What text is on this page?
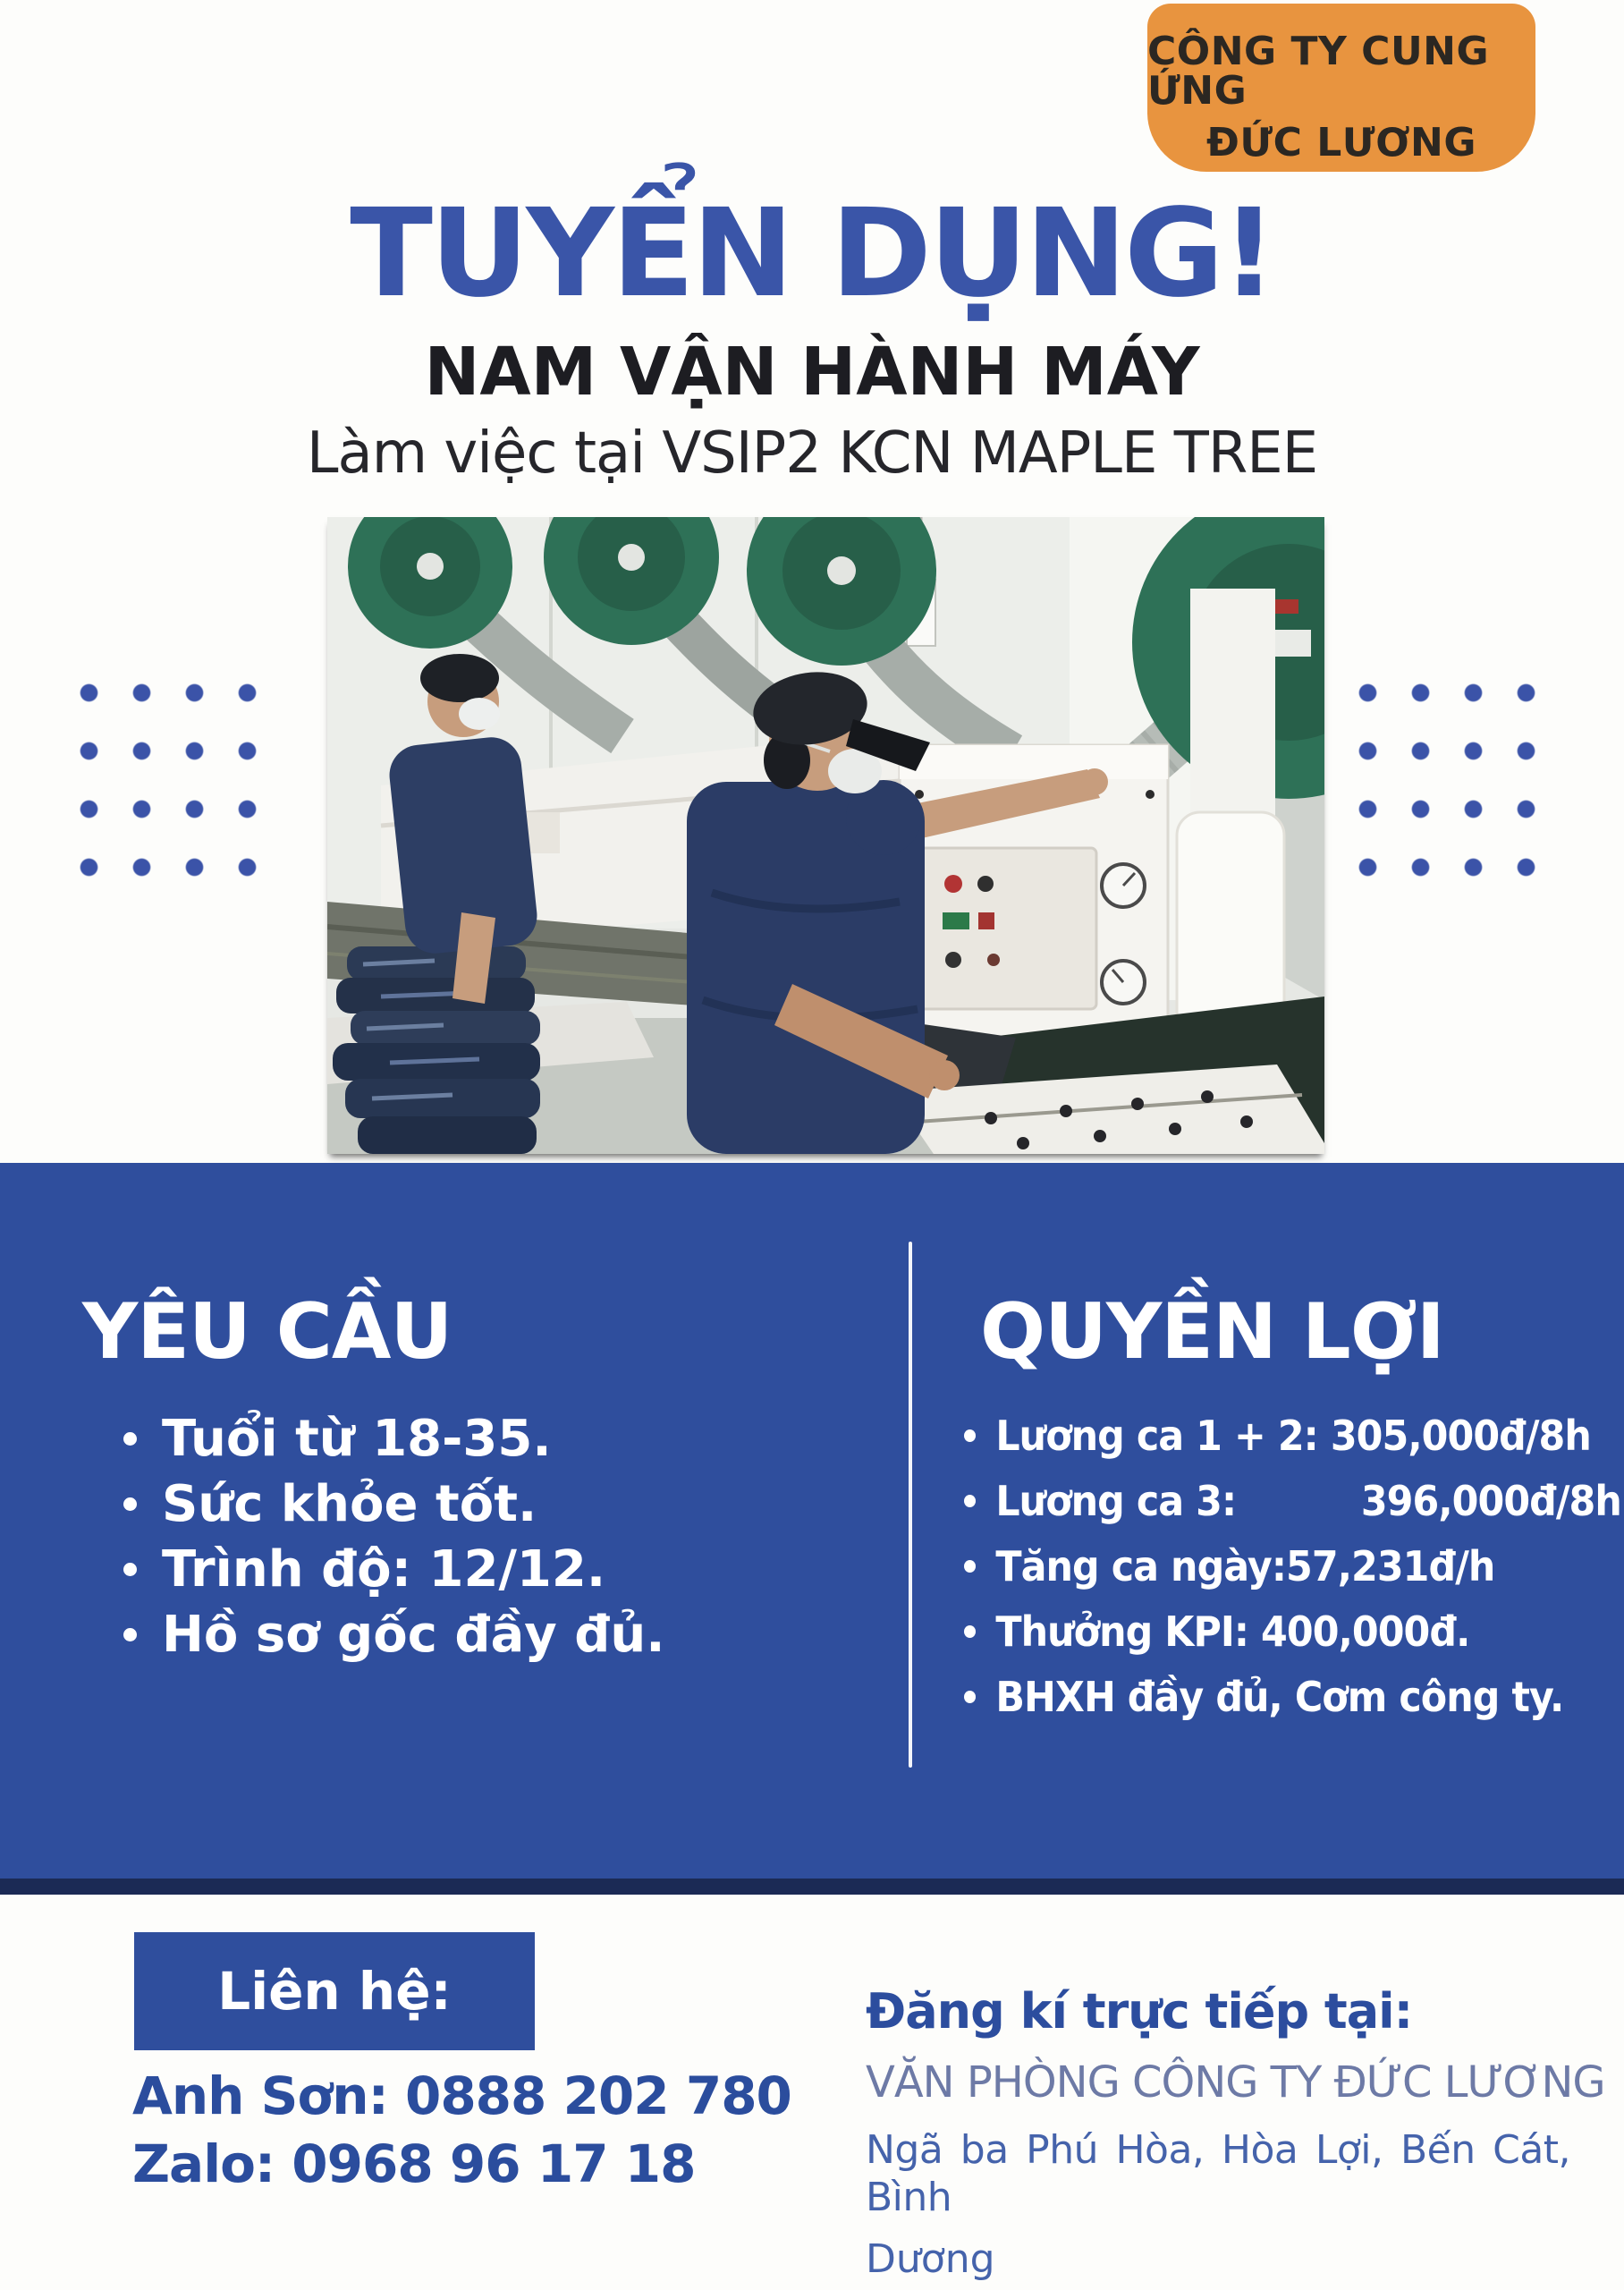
CÔNG TY CUNG ỨNG
ĐỨC LƯƠNG
TUYỂN DỤNG!
NAM VẬN HÀNH MÁY
Làm việc tại VSIP2 KCN MAPLE TREE
YÊU CẦU	QUYỀN LỢI
Tuổi từ 18-35.
Sức khỏe tốt.
Trình độ: 12/12.
Hồ sơ gốc đầy đủ.
Lương ca 1 + 2: 305,000đ/8h
Lương ca 3:          396,000đ/8h
Tăng ca ngày:57,231đ/h
Thưởng KPI: 400,000đ.
BHXH đầy đủ, Cơm công ty.
Liên hệ:
Anh Sơn: 0888 202 780
Zalo: 0968 96 17 18
Đăng kí trực tiếp tại:
VĂN PHÒNG CÔNG TY ĐỨC LƯƠNG
Ngã ba Phú Hòa, Hòa Lợi, Bến Cát, Bình
Dương
